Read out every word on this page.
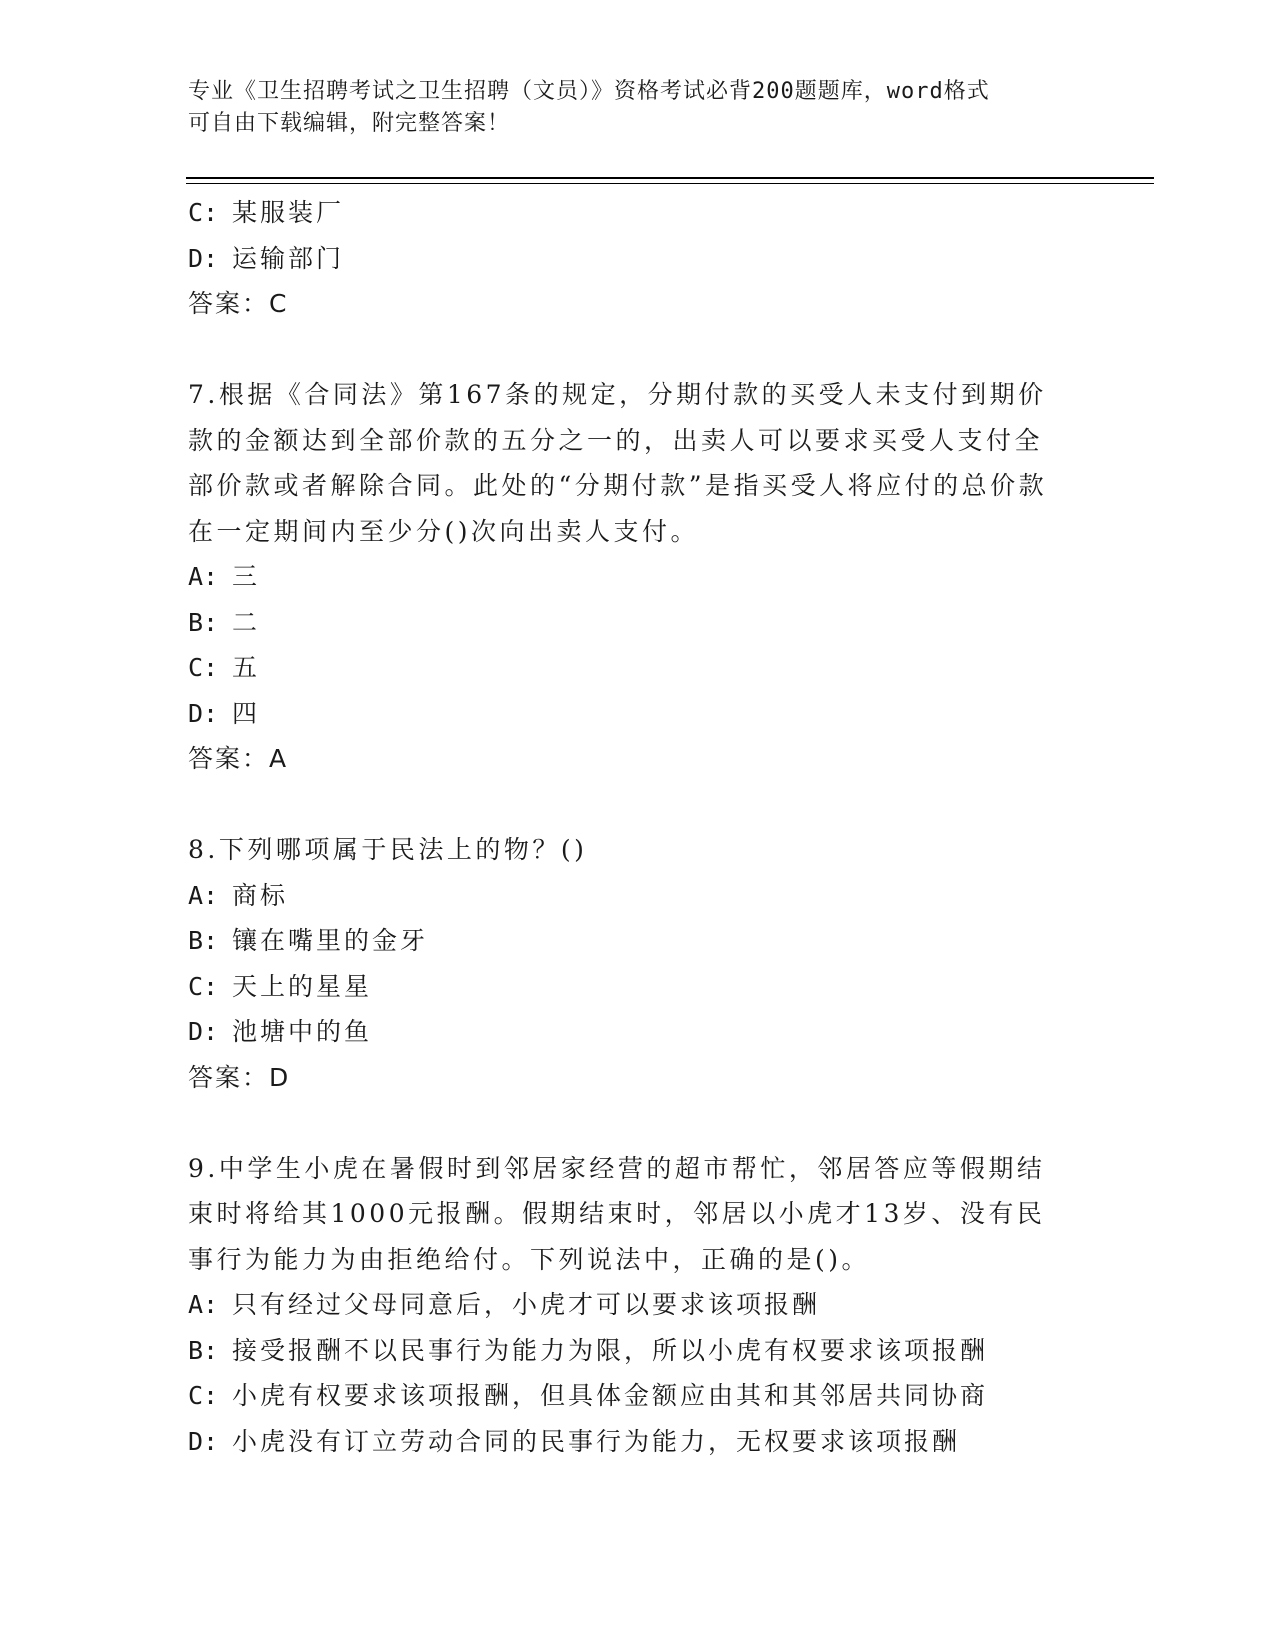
专业《卫生招聘考试之卫生招聘（文员）》资格考试必背200题题库，word格式
可自由下载编辑，附完整答案！
C: 某服装厂
D: 运输部门
答案：C
7.根据《合同法》第167条的规定，分期付款的买受人未支付到期价款的金额达到全部价款的五分之一的，出卖人可以要求买受人支付全部价款或者解除合同。此处的“分期付款”是指买受人将应付的总价款在一定期间内至少分()次向出卖人支付。
A: 三
B: 二
C: 五
D: 四
答案：A
8.下列哪项属于民法上的物？()
A: 商标
B: 镶在嘴里的金牙
C: 天上的星星
D: 池塘中的鱼
答案：D
9.中学生小虎在暑假时到邻居家经营的超市帮忙，邻居答应等假期结束时将给其1000元报酬。假期结束时，邻居以小虎才13岁、没有民事行为能力为由拒绝给付。下列说法中，正确的是()。
A: 只有经过父母同意后，小虎才可以要求该项报酬
B: 接受报酬不以民事行为能力为限，所以小虎有权要求该项报酬
C: 小虎有权要求该项报酬，但具体金额应由其和其邻居共同协商
D: 小虎没有订立劳动合同的民事行为能力，无权要求该项报酬
